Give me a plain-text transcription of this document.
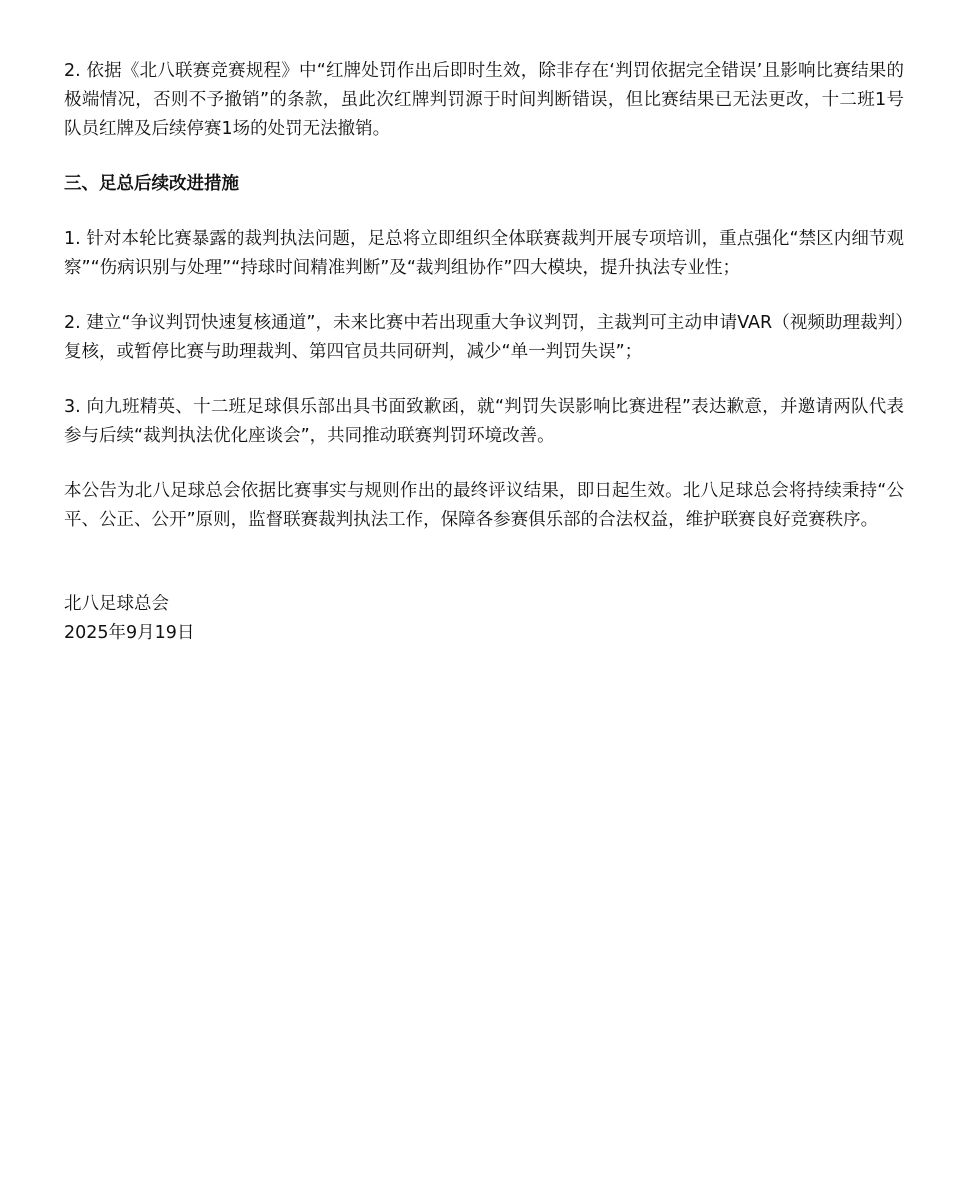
2. 依据《北八联赛竞赛规程》中“红牌处罚作出后即时生效，除非存在‘判罚依据完全错误’且影响比赛结果的极端情况，否则不予撤销”的条款，虽此次红牌判罚源于时间判断错误，但比赛结果已无法更改，十二班1号队员红牌及后续停赛1场的处罚无法撤销。

三、足总后续改进措施

1. 针对本轮比赛暴露的裁判执法问题，足总将立即组织全体联赛裁判开展专项培训，重点强化“禁区内细节观察”“伤病识别与处理”“持球时间精准判断”及“裁判组协作”四大模块，提升执法专业性；

2. 建立“争议判罚快速复核通道”，未来比赛中若出现重大争议判罚，主裁判可主动申请VAR（视频助理裁判）复核，或暂停比赛与助理裁判、第四官员共同研判，减少“单一判罚失误”；

3. 向九班精英、十二班足球俱乐部出具书面致歉函，就“判罚失误影响比赛进程”表达歉意，并邀请两队代表参与后续“裁判执法优化座谈会”，共同推动联赛判罚环境改善。

本公告为北八足球总会依据比赛事实与规则作出的最终评议结果，即日起生效。北八足球总会将持续秉持“公平、公正、公开”原则，监督联赛裁判执法工作，保障各参赛俱乐部的合法权益，维护联赛良好竞赛秩序。

北八足球总会
2025年9月19日
